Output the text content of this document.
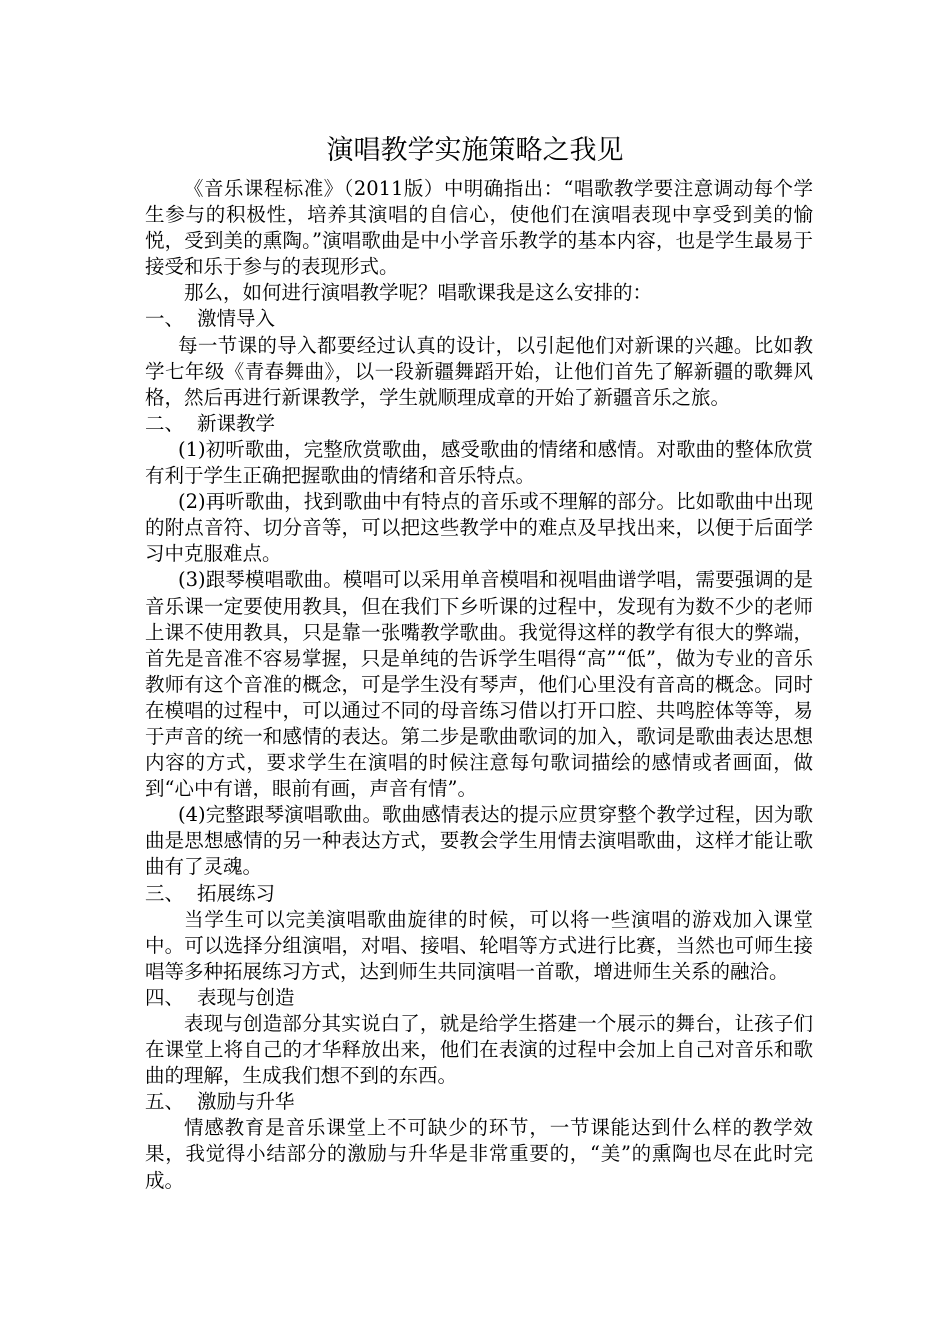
演唱教学实施策略之我见

《音乐课程标准》（2011版）中明确指出：“唱歌教学要注意调动每个学生参与的积极性，培养其演唱的自信心，使他们在演唱表现中享受到美的愉悦，受到美的熏陶。”演唱歌曲是中小学音乐教学的基本内容，也是学生最易于接受和乐于参与的表现形式。

那么，如何进行演唱教学呢？唱歌课我是这么安排的：

一、 激情导入

每一节课的导入都要经过认真的设计，以引起他们对新课的兴趣。比如教学七年级《青春舞曲》，以一段新疆舞蹈开始，让他们首先了解新疆的歌舞风格，然后再进行新课教学，学生就顺理成章的开始了新疆音乐之旅。

二、 新课教学

(1)初听歌曲，完整欣赏歌曲，感受歌曲的情绪和感情。对歌曲的整体欣赏有利于学生正确把握歌曲的情绪和音乐特点。

(2)再听歌曲，找到歌曲中有特点的音乐或不理解的部分。比如歌曲中出现的附点音符、切分音等，可以把这些教学中的难点及早找出来，以便于后面学习中克服难点。

(3)跟琴模唱歌曲。模唱可以采用单音模唱和视唱曲谱学唱，需要强调的是音乐课一定要使用教具，但在我们下乡听课的过程中，发现有为数不少的老师上课不使用教具，只是靠一张嘴教学歌曲。我觉得这样的教学有很大的弊端，首先是音准不容易掌握，只是单纯的告诉学生唱得“高”“低”，做为专业的音乐教师有这个音准的概念，可是学生没有琴声，他们心里没有音高的概念。同时在模唱的过程中，可以通过不同的母音练习借以打开口腔、共鸣腔体等等，易于声音的统一和感情的表达。第二步是歌曲歌词的加入，歌词是歌曲表达思想内容的方式，要求学生在演唱的时候注意每句歌词描绘的感情或者画面，做到“心中有谱，眼前有画，声音有情”。

(4)完整跟琴演唱歌曲。歌曲感情表达的提示应贯穿整个教学过程，因为歌曲是思想感情的另一种表达方式，要教会学生用情去演唱歌曲，这样才能让歌曲有了灵魂。

三、 拓展练习

当学生可以完美演唱歌曲旋律的时候，可以将一些演唱的游戏加入课堂中。可以选择分组演唱，对唱、接唱、轮唱等方式进行比赛，当然也可师生接唱等多种拓展练习方式，达到师生共同演唱一首歌，增进师生关系的融洽。

四、 表现与创造

表现与创造部分其实说白了，就是给学生搭建一个展示的舞台，让孩子们在课堂上将自己的才华释放出来，他们在表演的过程中会加上自己对音乐和歌曲的理解，生成我们想不到的东西。

五、 激励与升华

情感教育是音乐课堂上不可缺少的环节，一节课能达到什么样的教学效果，我觉得小结部分的激励与升华是非常重要的，“美”的熏陶也尽在此时完成。
